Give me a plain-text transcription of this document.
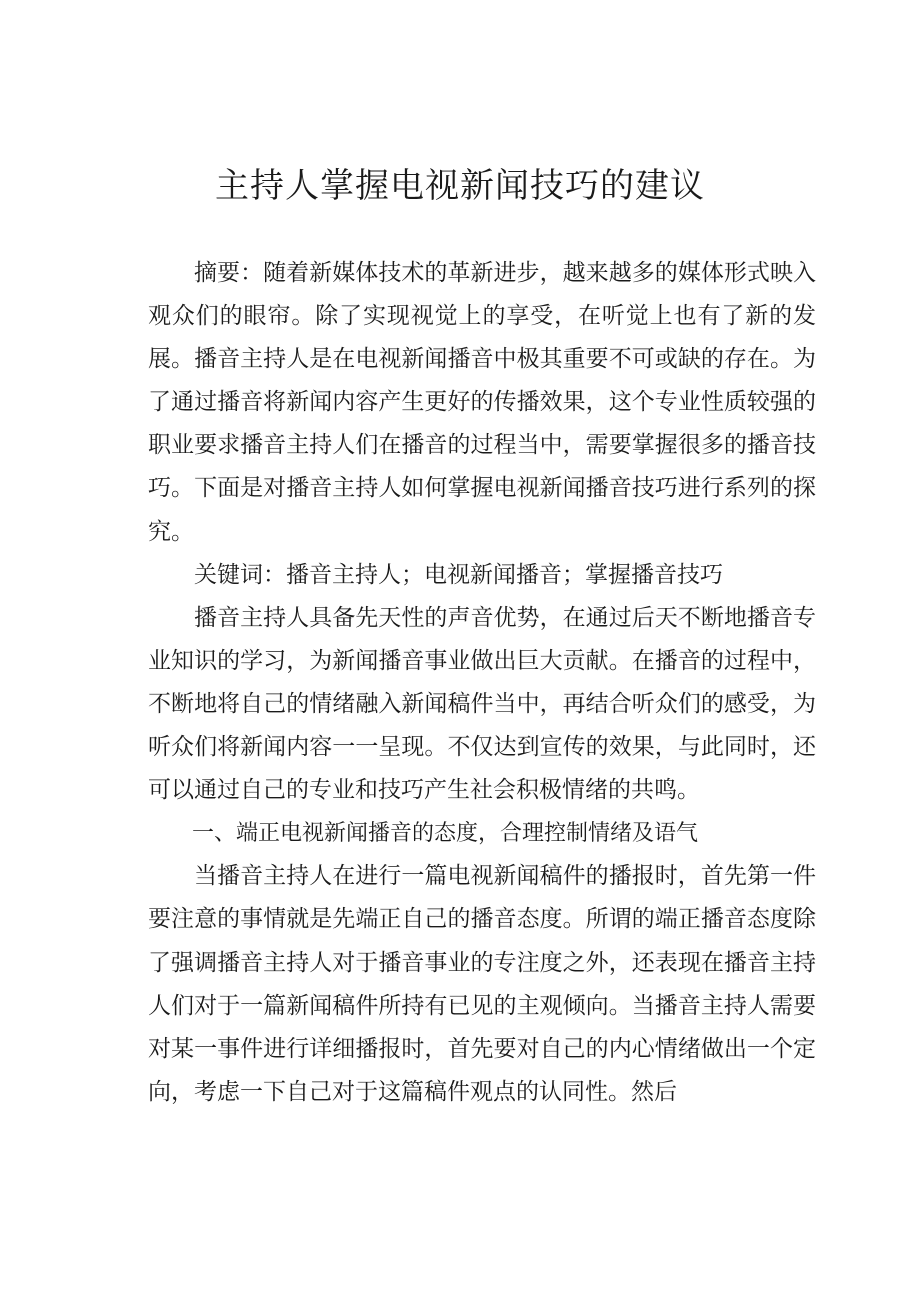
主持人掌握电视新闻技巧的建议

摘要：随着新媒体技术的革新进步，越来越多的媒体形式映入观众们的眼帘。除了实现视觉上的享受，在听觉上也有了新的发展。播音主持人是在电视新闻播音中极其重要不可或缺的存在。为了通过播音将新闻内容产生更好的传播效果，这个专业性质较强的职业要求播音主持人们在播音的过程当中，需要掌握很多的播音技巧。下面是对播音主持人如何掌握电视新闻播音技巧进行系列的探究。

关键词：播音主持人；电视新闻播音；掌握播音技巧

播音主持人具备先天性的声音优势，在通过后天不断地播音专业知识的学习，为新闻播音事业做出巨大贡献。在播音的过程中，不断地将自己的情绪融入新闻稿件当中，再结合听众们的感受，为听众们将新闻内容一一呈现。不仅达到宣传的效果，与此同时，还可以通过自己的专业和技巧产生社会积极情绪的共鸣。

一、端正电视新闻播音的态度，合理控制情绪及语气

当播音主持人在进行一篇电视新闻稿件的播报时，首先第一件要注意的事情就是先端正自己的播音态度。所谓的端正播音态度除了强调播音主持人对于播音事业的专注度之外，还表现在播音主持人们对于一篇新闻稿件所持有已见的主观倾向。当播音主持人需要对某一事件进行详细播报时，首先要对自己的内心情绪做出一个定向，考虑一下自己对于这篇稿件观点的认同性。然后
